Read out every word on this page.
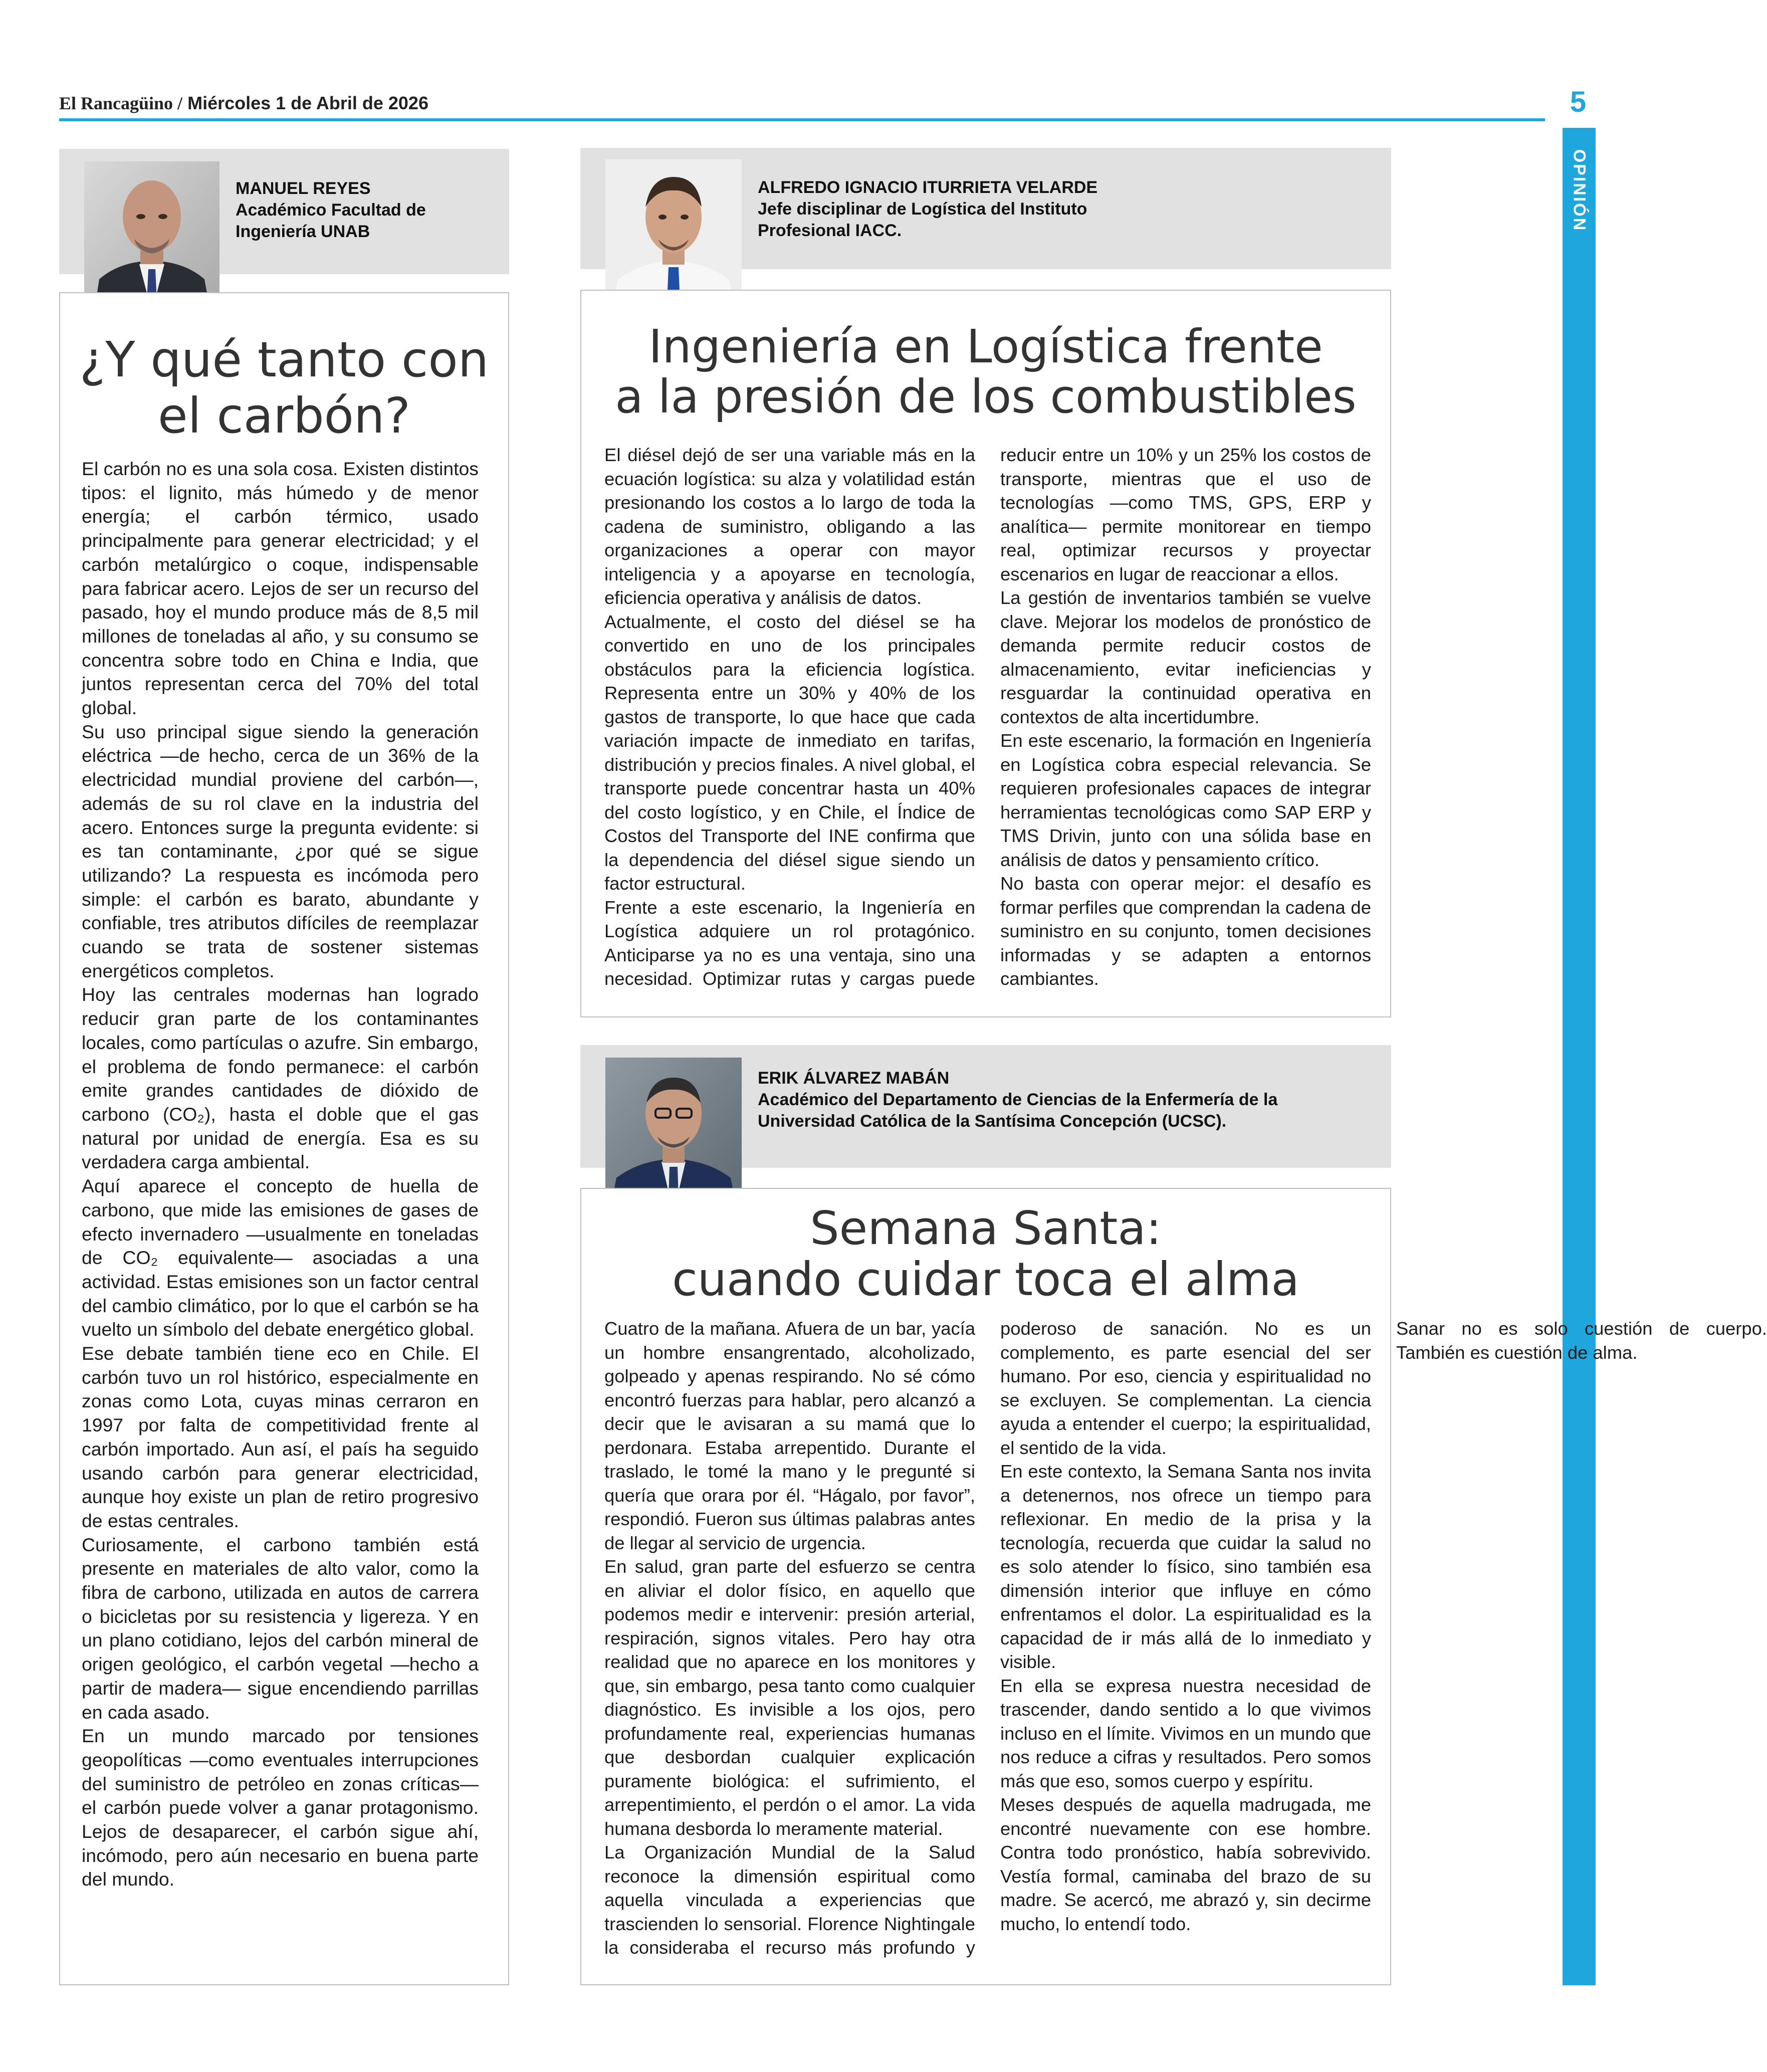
El Rancagüino / Miércoles 1 de Abril de 2026	5
OPINIÓN
MANUEL REYES
Académico Facultad de
Ingeniería UNAB
¿Y qué tanto con
el carbón?

El carbón no es una sola cosa. Existen distintos tipos: el lignito, más húmedo y de menor energía; el carbón térmico, usado principalmente para generar electricidad; y el carbón metalúrgico o coque, indispensable para fabricar acero. Lejos de ser un recurso del pasado, hoy el mundo produce más de 8,5 mil millones de toneladas al año, y su consumo se concentra sobre todo en China e India, que juntos representan cerca del 70% del total global.

Su uso principal sigue siendo la generación eléctrica —de hecho, cerca de un 36% de la electricidad mundial proviene del carbón—, además de su rol clave en la industria del acero. Entonces surge la pregunta evidente: si es tan contaminante, ¿por qué se sigue utilizando? La respuesta es incómoda pero simple: el carbón es barato, abundante y confiable, tres atributos difíciles de reemplazar cuando se trata de sostener sistemas energéticos completos.

Hoy las centrales modernas han logrado reducir gran parte de los contaminantes locales, como partículas o azufre. Sin embargo, el problema de fondo permanece: el carbón emite grandes cantidades de dióxido de carbono (CO₂), hasta el doble que el gas natural por unidad de energía. Esa es su verdadera carga ambiental.

Aquí aparece el concepto de huella de carbono, que mide las emisiones de gases de efecto invernadero —usualmente en toneladas de CO₂ equivalente— asociadas a una actividad. Estas emisiones son un factor central del cambio climático, por lo que el carbón se ha vuelto un símbolo del debate energético global.

Ese debate también tiene eco en Chile. El carbón tuvo un rol histórico, especialmente en zonas como Lota, cuyas minas cerraron en 1997 por falta de competitividad frente al carbón importado. Aun así, el país ha seguido usando carbón para generar electricidad, aunque hoy existe un plan de retiro progresivo de estas centrales.

Curiosamente, el carbono también está presente en materiales de alto valor, como la fibra de carbono, utilizada en autos de carrera o bicicletas por su resistencia y ligereza. Y en un plano cotidiano, lejos del carbón mineral de origen geológico, el carbón vegetal —hecho a partir de madera— sigue encendiendo parrillas en cada asado.

En un mundo marcado por tensiones geopolíticas —como eventuales interrupciones del suministro de petróleo en zonas críticas— el carbón puede volver a ganar protagonismo. Lejos de desaparecer, el carbón sigue ahí, incómodo, pero aún necesario en buena parte del mundo.

ALFREDO IGNACIO ITURRIETA VELARDE
Jefe disciplinar de Logística del Instituto
Profesional IACC.
Ingeniería en Logística frente
a la presión de los combustibles

El diésel dejó de ser una variable más en la ecuación logística: su alza y volatilidad están presionando los costos a lo largo de toda la cadena de suministro, obligando a las organizaciones a operar con mayor inteligencia y a apoyarse en tecnología, eficiencia operativa y análisis de datos.

Actualmente, el costo del diésel se ha convertido en uno de los principales obstáculos para la eficiencia logística. Representa entre un 30% y 40% de los gastos de transporte, lo que hace que cada variación impacte de inmediato en tarifas, distribución y precios finales. A nivel global, el transporte puede concentrar hasta un 40% del costo logístico, y en Chile, el Índice de Costos del Transporte del INE confirma que la dependencia del diésel sigue siendo un factor estructural.

Frente a este escenario, la Ingeniería en Logística adquiere un rol protagónico. Anticiparse ya no es una ventaja, sino una necesidad. Optimizar rutas y cargas puede reducir entre un 10% y un 25% los costos de transporte, mientras que el uso de tecnologías —como TMS, GPS, ERP y analítica— permite monitorear en tiempo real, optimizar recursos y proyectar escenarios en lugar de reaccionar a ellos.

La gestión de inventarios también se vuelve clave. Mejorar los modelos de pronóstico de demanda permite reducir costos de almacenamiento, evitar ineficiencias y resguardar la continuidad operativa en contextos de alta incertidumbre.

En este escenario, la formación en Ingeniería en Logística cobra especial relevancia. Se requieren profesionales capaces de integrar herramientas tecnológicas como SAP ERP y TMS Drivin, junto con una sólida base en análisis de datos y pensamiento crítico.

No basta con operar mejor: el desafío es formar perfiles que comprendan la cadena de suministro en su conjunto, tomen decisiones informadas y se adapten a entornos cambiantes.

ERIK ÁLVAREZ MABÁN
Académico del Departamento de Ciencias de la Enfermería de la
Universidad Católica de la Santísima Concepción (UCSC).
Semana Santa:
cuando cuidar toca el alma

Cuatro de la mañana. Afuera de un bar, yacía un hombre ensangrentado, alcoholizado, golpeado y apenas respirando. No sé cómo encontró fuerzas para hablar, pero alcanzó a decir que le avisaran a su mamá que lo perdonara. Estaba arrepentido. Durante el traslado, le tomé la mano y le pregunté si quería que orara por él. “Hágalo, por favor”, respondió. Fueron sus últimas palabras antes de llegar al servicio de urgencia.

En salud, gran parte del esfuerzo se centra en aliviar el dolor físico, en aquello que podemos medir e intervenir: presión arterial, respiración, signos vitales. Pero hay otra realidad que no aparece en los monitores y que, sin embargo, pesa tanto como cualquier diagnóstico. Es invisible a los ojos, pero profundamente real, experiencias humanas que desbordan cualquier explicación puramente biológica: el sufrimiento, el arrepentimiento, el perdón o el amor. La vida humana desborda lo meramente material.

La Organización Mundial de la Salud reconoce la dimensión espiritual como aquella vinculada a experiencias que trascienden lo sensorial. Florence Nightingale la consideraba el recurso más profundo y poderoso de sanación. No es un complemento, es parte esencial del ser humano. Por eso, ciencia y espiritualidad no se excluyen. Se complementan. La ciencia ayuda a entender el cuerpo; la espiritualidad, el sentido de la vida.

En este contexto, la Semana Santa nos invita a detenernos, nos ofrece un tiempo para reflexionar. En medio de la prisa y la tecnología, recuerda que cuidar la salud no es solo atender lo físico, sino también esa dimensión interior que influye en cómo enfrentamos el dolor. La espiritualidad es la capacidad de ir más allá de lo inmediato y visible.

En ella se expresa nuestra necesidad de trascender, dando sentido a lo que vivimos incluso en el límite. Vivimos en un mundo que nos reduce a cifras y resultados. Pero somos más que eso, somos cuerpo y espíritu.

Meses después de aquella madrugada, me encontré nuevamente con ese hombre. Contra todo pronóstico, había sobrevivido. Vestía formal, caminaba del brazo de su madre. Se acercó, me abrazó y, sin decirme mucho, lo entendí todo.

Sanar no es solo cuestión de cuerpo. También es cuestión de alma.
